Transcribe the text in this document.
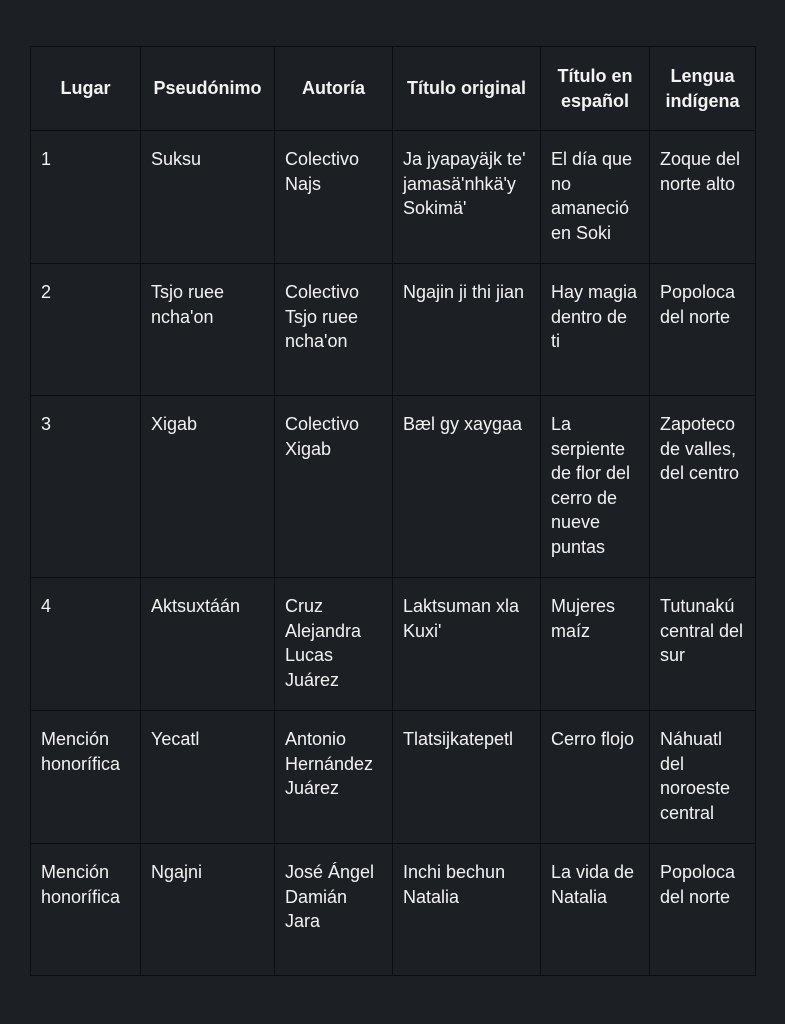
Lugar	Pseudónimo	Autoría	Título original	Título en español	Lengua indígena
1	Suksu	Colectivo Najs	Ja jyapayäjk te' jamasä'nhkä'y Sokimä'	El día que no amaneció en Soki	Zoque del norte alto
2	Tsjo ruee ncha'on	Colectivo Tsjo ruee ncha'on	Ngajin ji thi jian	Hay magia dentro de ti	Popoloca del norte
3	Xigab	Colectivo Xigab	Bæl gy xaygaa	La serpiente de flor del cerro de nueve puntas	Zapoteco de valles, del centro
4	Aktsuxtáán	Cruz Alejandra Lucas Juárez	Laktsuman xla Kuxi'	Mujeres maíz	Tutunakú central del sur
Mención honorífica	Yecatl	Antonio Hernández Juárez	Tlatsijkatepetl	Cerro flojo	Náhuatl del noroeste central
Mención honorífica	Ngajni	José Ángel Damián Jara	Inchi bechun Natalia	La vida de Natalia	Popoloca del norte
